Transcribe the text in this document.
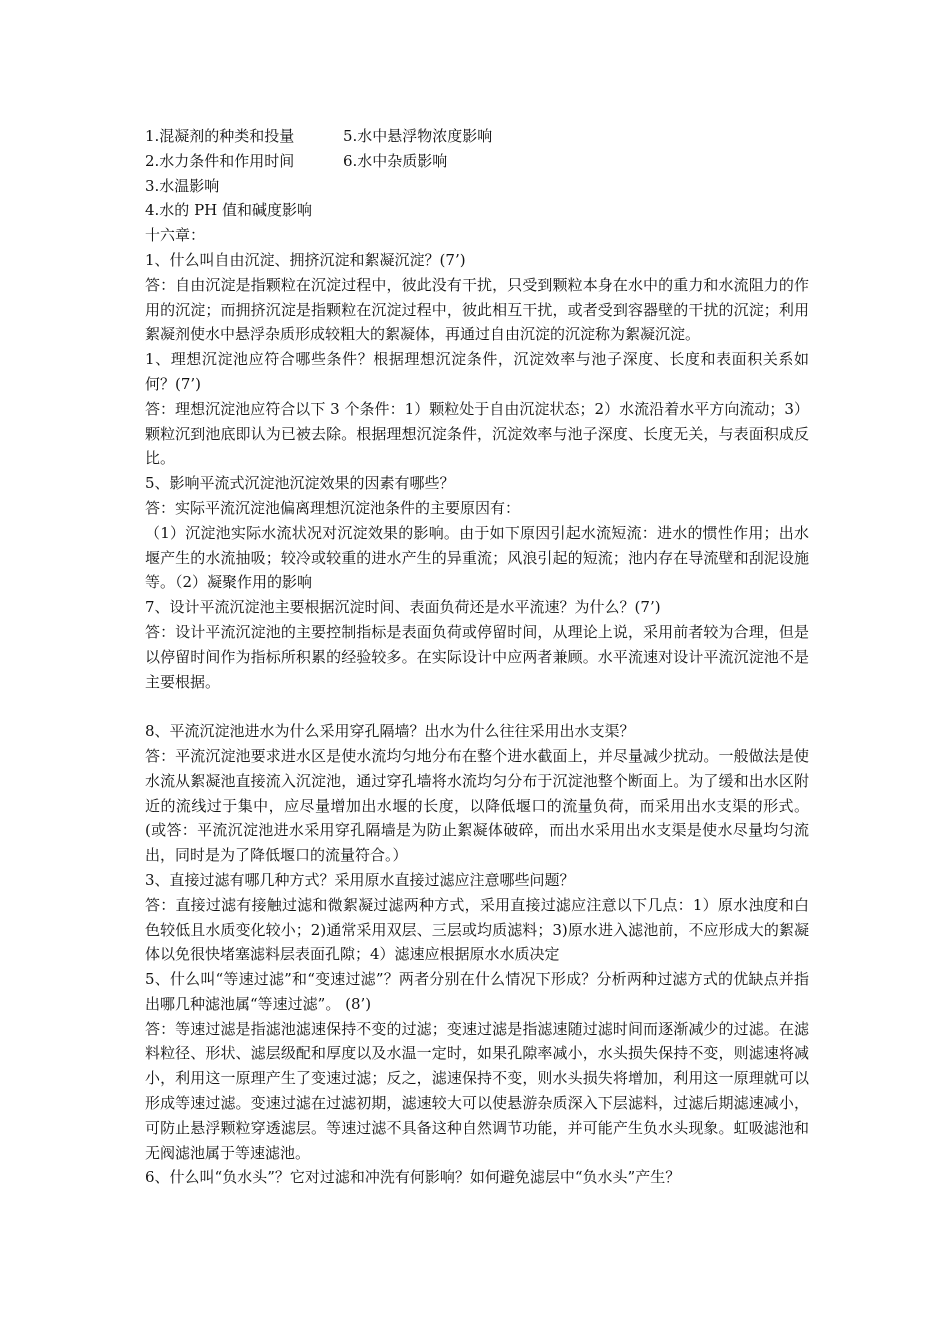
1.混凝剂的种类和投量	5.水中悬浮物浓度影响
2.水力条件和作用时间	6.水中杂质影响

3.水温影响

4.水的 PH 值和碱度影响

十六章：

1、什么叫自由沉淀、拥挤沉淀和絮凝沉淀？(7’)

答：自由沉淀是指颗粒在沉淀过程中，彼此没有干扰，只受到颗粒本身在水中的重力和水流阻力的作用的沉淀；而拥挤沉淀是指颗粒在沉淀过程中，彼此相互干扰，或者受到容器壁的干扰的沉淀；利用絮凝剂使水中悬浮杂质形成较粗大的絮凝体，再通过自由沉淀的沉淀称为絮凝沉淀。

1、理想沉淀池应符合哪些条件？根据理想沉淀条件，沉淀效率与池子深度、长度和表面积关系如何？(7’)

答：理想沉淀池应符合以下 3 个条件：1）颗粒处于自由沉淀状态；2）水流沿着水平方向流动；3）颗粒沉到池底即认为已被去除。根据理想沉淀条件，沉淀效率与池子深度、长度无关，与表面积成反比。

5、影响平流式沉淀池沉淀效果的因素有哪些？

答：实际平流沉淀池偏离理想沉淀池条件的主要原因有：

（1）沉淀池实际水流状况对沉淀效果的影响。由于如下原因引起水流短流：进水的惯性作用；出水堰产生的水流抽吸；较冷或较重的进水产生的异重流；风浪引起的短流；池内存在导流壁和刮泥设施等。（2）凝聚作用的影响

7、设计平流沉淀池主要根据沉淀时间、表面负荷还是水平流速？为什么？(7’)

答：设计平流沉淀池的主要控制指标是表面负荷或停留时间，从理论上说，采用前者较为合理，但是以停留时间作为指标所积累的经验较多。在实际设计中应两者兼顾。水平流速对设计平流沉淀池不是主要根据。

8、平流沉淀池进水为什么采用穿孔隔墙？出水为什么往往采用出水支渠？

答：平流沉淀池要求进水区是使水流均匀地分布在整个进水截面上，并尽量减少扰动。一般做法是使水流从絮凝池直接流入沉淀池，通过穿孔墙将水流均匀分布于沉淀池整个断面上。为了缓和出水区附近的流线过于集中，应尽量增加出水堰的长度，以降低堰口的流量负荷，而采用出水支渠的形式。(或答：平流沉淀池进水采用穿孔隔墙是为防止絮凝体破碎，而出水采用出水支渠是使水尽量均匀流出，同时是为了降低堰口的流量符合。）

3、直接过滤有哪几种方式？采用原水直接过滤应注意哪些问题？

答：直接过滤有接触过滤和微絮凝过滤两种方式，采用直接过滤应注意以下几点：1）原水浊度和白色较低且水质变化较小；2)通常采用双层、三层或均质滤料；3)原水进入滤池前，不应形成大的絮凝体以免很快堵塞滤料层表面孔隙；4）滤速应根据原水水质决定

5、什么叫“等速过滤”和“变速过滤”？两者分别在什么情况下形成？分析两种过滤方式的优缺点并指出哪几种滤池属“等速过滤”。 (8’)

答：等速过滤是指滤池滤速保持不变的过滤；变速过滤是指滤速随过滤时间而逐渐减少的过滤。在滤料粒径、形状、滤层级配和厚度以及水温一定时，如果孔隙率减小，水头损失保持不变，则滤速将减小，利用这一原理产生了变速过滤；反之，滤速保持不变，则水头损失将增加，利用这一原理就可以形成等速过滤。变速过滤在过滤初期，滤速较大可以使悬游杂质深入下层滤料，过滤后期滤速减小，可防止悬浮颗粒穿透滤层。等速过滤不具备这种自然调节功能，并可能产生负水头现象。虹吸滤池和无阀滤池属于等速滤池。

6、什么叫“负水头”？它对过滤和冲洗有何影响？如何避免滤层中“负水头”产生？
